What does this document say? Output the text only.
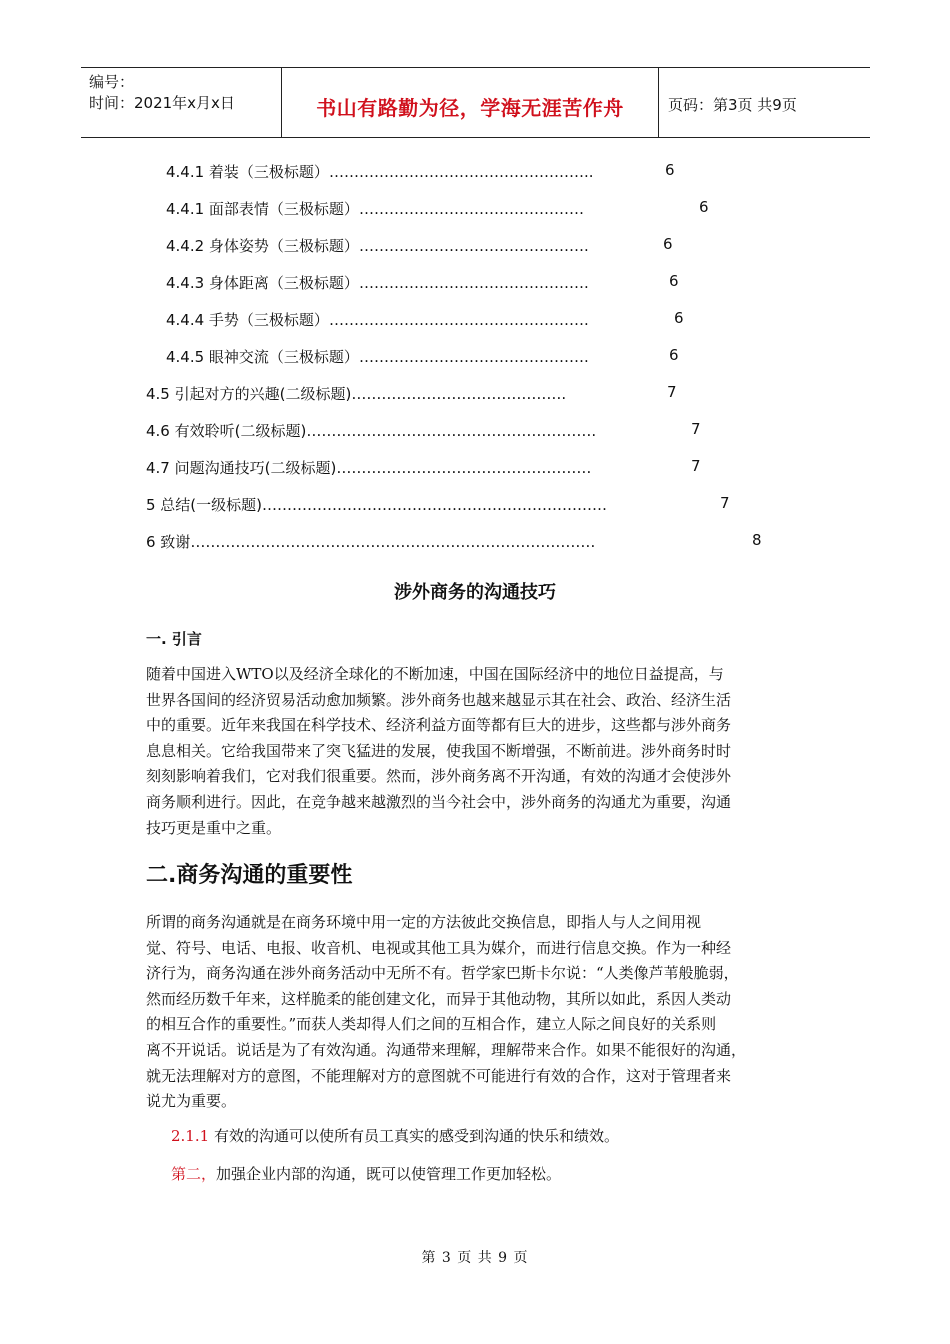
编号：
时间：2021年x月x日	书山有路勤为径，学海无涯苦作舟	页码：第3页 共9页
4.4.1 着装（三极标题）……………………………………………..	6
4.4.1 面部表情（三极标题）………………………………………	6
4.4.2 身体姿势（三极标题）……………………………………….	6
4.4.3 身体距离（三极标题）……………………………………….	6
4.4.4 手势（三极标题）…………………………………………….	6
4.4.5 眼神交流（三极标题）……………………………………….	6
4.5 引起对方的兴趣(二级标题)…………………………………….	7
4.6 有效聆听(二级标题)………………………………………………….	7
4.7 问题沟通技巧(二级标题)……………………………………………	7
5 总结(一级标题)……………………………………………………………	7
6 致谢………………………………………………………………………	8
涉外商务的沟通技巧
一. 引言
随着中国进入WTO以及经济全球化的不断加速，中国在国际经济中的地位日益提高，与
世界各国间的经济贸易活动愈加频繁。涉外商务也越来越显示其在社会、政治、经济生活
中的重要。近年来我国在科学技术、经济利益方面等都有巨大的进步，这些都与涉外商务
息息相关。它给我国带来了突飞猛进的发展，使我国不断增强，不断前进。涉外商务时时
刻刻影响着我们，它对我们很重要。然而，涉外商务离不开沟通，有效的沟通才会使涉外
商务顺利进行。因此，在竞争越来越激烈的当今社会中，涉外商务的沟通尤为重要，沟通
技巧更是重中之重。
二.商务沟通的重要性
所谓的商务沟通就是在商务环境中用一定的方法彼此交换信息，即指人与人之间用视
觉、符号、电话、电报、收音机、电视或其他工具为媒介，而进行信息交换。作为一种经
济行为，商务沟通在涉外商务活动中无所不有。哲学家巴斯卡尔说：“人类像芦苇般脆弱，
然而经历数千年来，这样脆柔的能创建文化，而异于其他动物，其所以如此，系因人类动
的相互合作的重要性。”而获人类却得人们之间的互相合作，建立人际之间良好的关系则
离不开说话。说话是为了有效沟通。沟通带来理解，理解带来合作。如果不能很好的沟通，
就无法理解对方的意图，不能理解对方的意图就不可能进行有效的合作，这对于管理者来
说尤为重要。
2.1.1 有效的沟通可以使所有员工真实的感受到沟通的快乐和绩效。
第二，加强企业内部的沟通，既可以使管理工作更加轻松。
第 3 页 共 9 页
